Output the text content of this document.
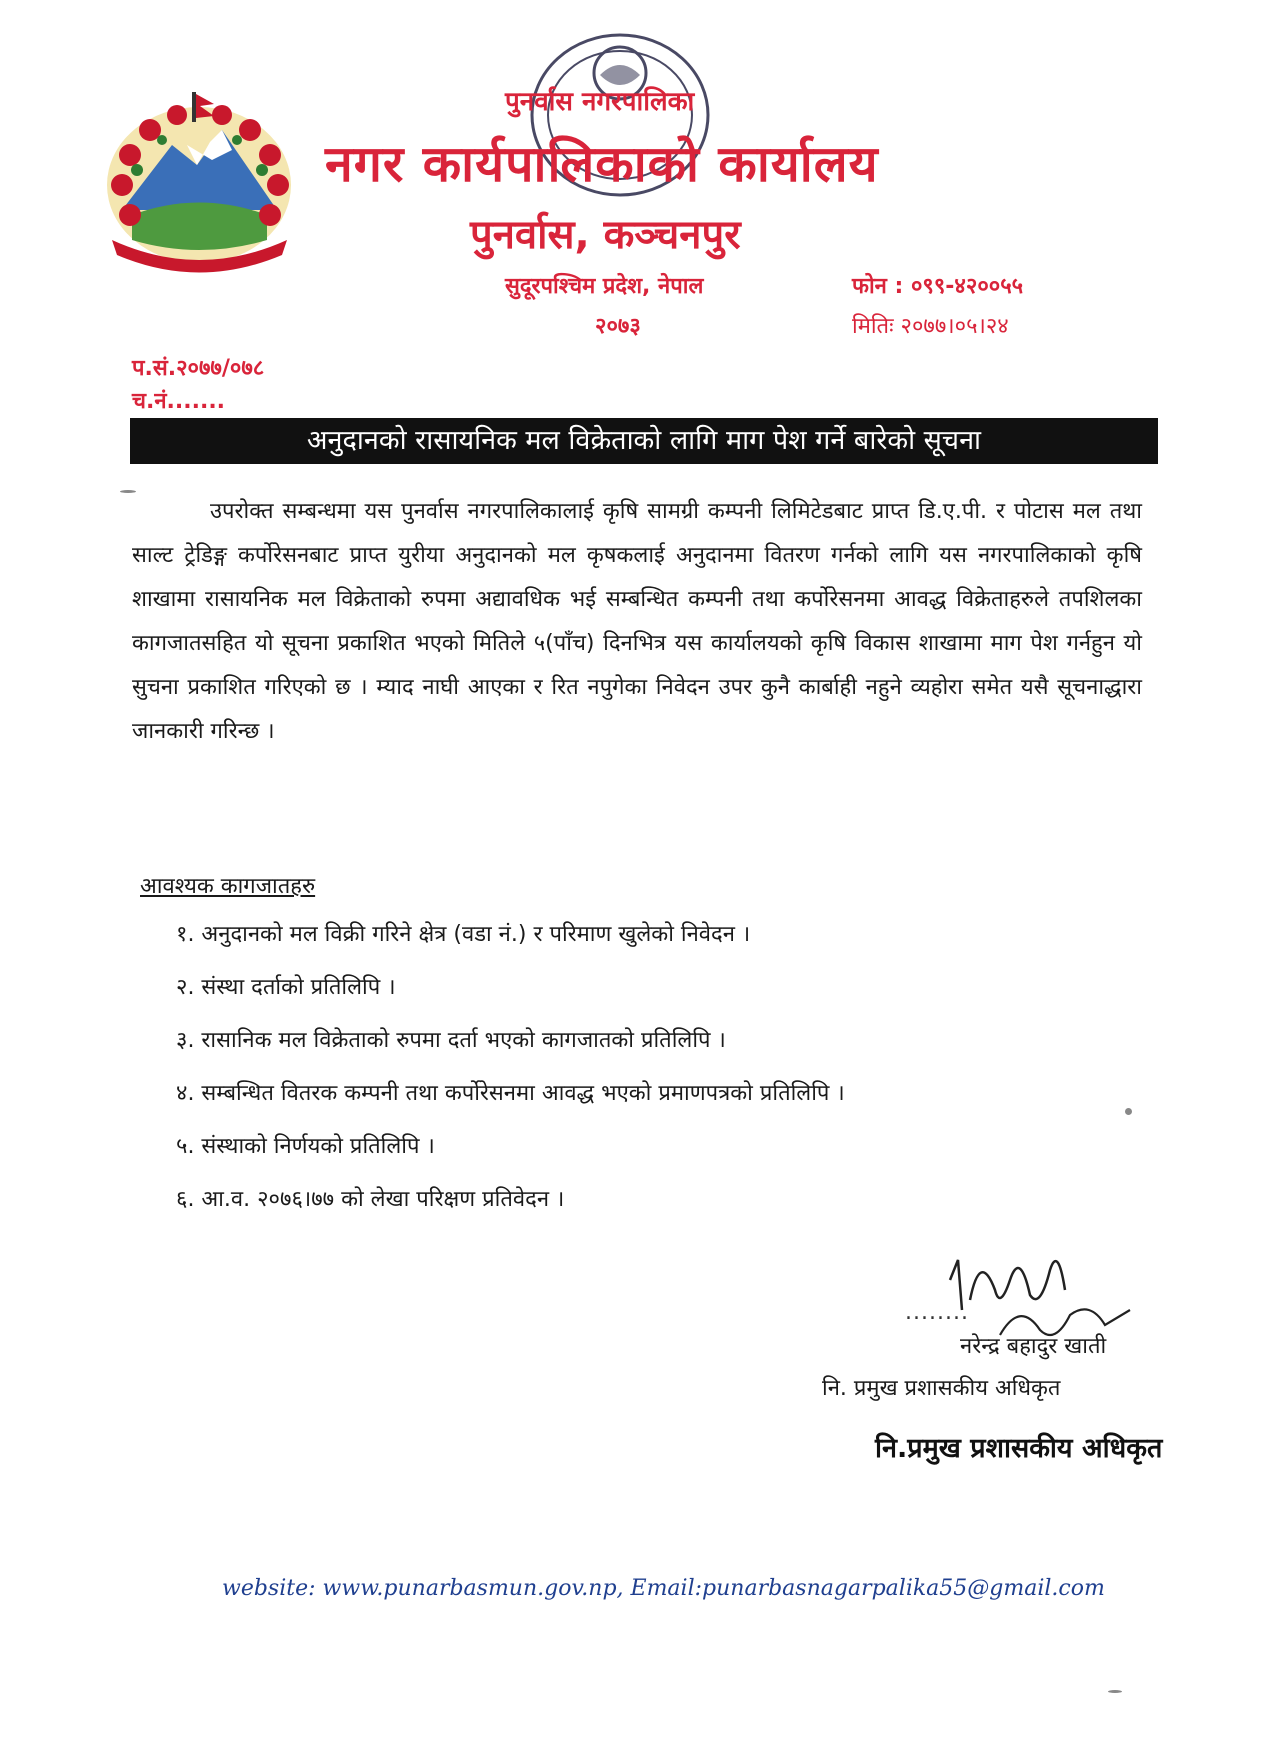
पुनर्वास नगरपालिका
नगर कार्यपालिकाको कार्यालय
पुनर्वास, कञ्चनपुर
सुदूरपश्चिम प्रदेश, नेपाल
२०७३
फोन : ०९९-४२००५५
मितिः २०७७।०५।२४
प.सं.२०७७/०७८
च.नं.......
अनुदानको रासायनिक मल विक्रेताको लागि माग पेश गर्ने बारेको सूचना

उपरोक्त सम्बन्धमा यस पुनर्वास नगरपालिकालाई कृषि सामग्री कम्पनी लिमिटेडबाट प्राप्त डि.ए.पी. र पोटास मल तथा साल्ट ट्रेडिङ्ग कर्पोरेसनबाट प्राप्त युरीया अनुदानको मल कृषकलाई अनुदानमा वितरण गर्नको लागि यस नगरपालिकाको कृषि शाखामा रासायनिक मल विक्रेताको रुपमा अद्यावधिक भई सम्बन्धित कम्पनी तथा कर्पोरेसनमा आवद्ध विक्रेताहरुले तपशिलका कागजातसहित यो सूचना प्रकाशित भएको मितिले ५(पाँच) दिनभित्र यस कार्यालयको कृषि विकास शाखामा माग पेश गर्नहुन यो सुचना प्रकाशित गरिएको छ । म्याद नाघी आएका र रित नपुगेका निवेदन उपर कुनै कार्बाही नहुने व्यहोरा समेत यसै सूचनाद्धारा जानकारी गरिन्छ ।

आवश्यक कागजातहरु
१. अनुदानको मल विक्री गरिने क्षेत्र (वडा नं.) र परिमाण खुलेको निवेदन ।
२. संस्था दर्ताको प्रतिलिपि ।
३. रासानिक मल विक्रेताको रुपमा दर्ता भएको कागजातको प्रतिलिपि ।
४. सम्बन्धित वितरक कम्पनी तथा कर्पोरेसनमा आवद्ध भएको प्रमाणपत्रको प्रतिलिपि ।
५. संस्थाको निर्णयको प्रतिलिपि ।
६. आ.व. २०७६।७७ को लेखा परिक्षण प्रतिवेदन ।
........
नरेन्द्र बहादुर खाती
नि. प्रमुख प्रशासकीय अधिकृत
नि.प्रमुख प्रशासकीय अधिकृत
website: www.punarbasmun.gov.np, Email:punarbasnagarpalika55@gmail.com
